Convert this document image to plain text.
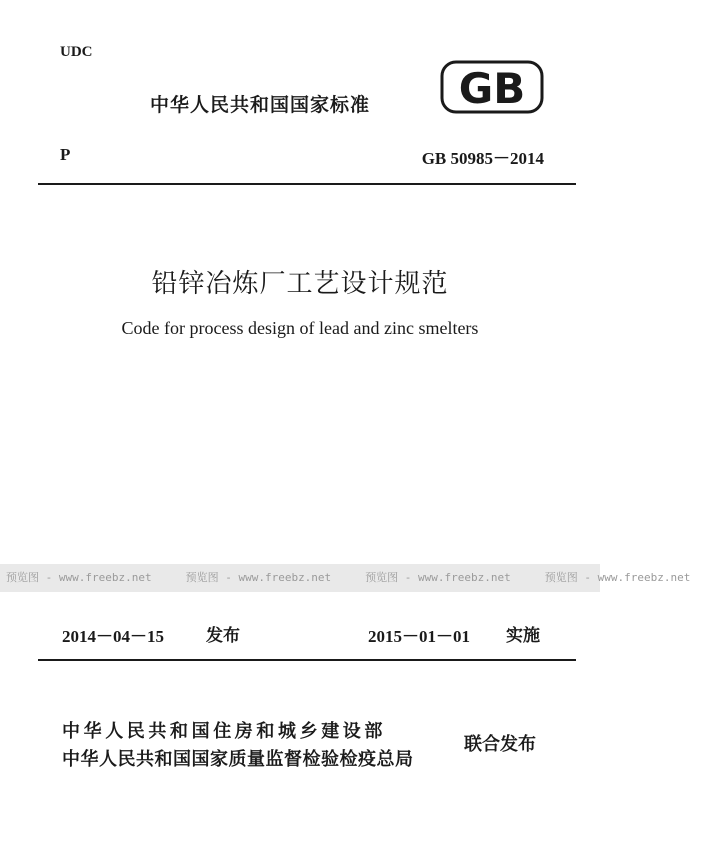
UDC
中华人民共和国国家标准 GB
P	GB 50985－2014
铅锌冶炼厂工艺设计规范
Code for process design of lead and zinc smelters
预览图 - www.freebz.net	预览图 - www.freebz.net	预览图 - www.freebz.net	预览图 - www.freebz.net
2014－04－15 发布	2015－01－01 实施
中华人民共和国住房和城乡建设部
中华人民共和国国家质量监督检验检疫总局
联合发布
